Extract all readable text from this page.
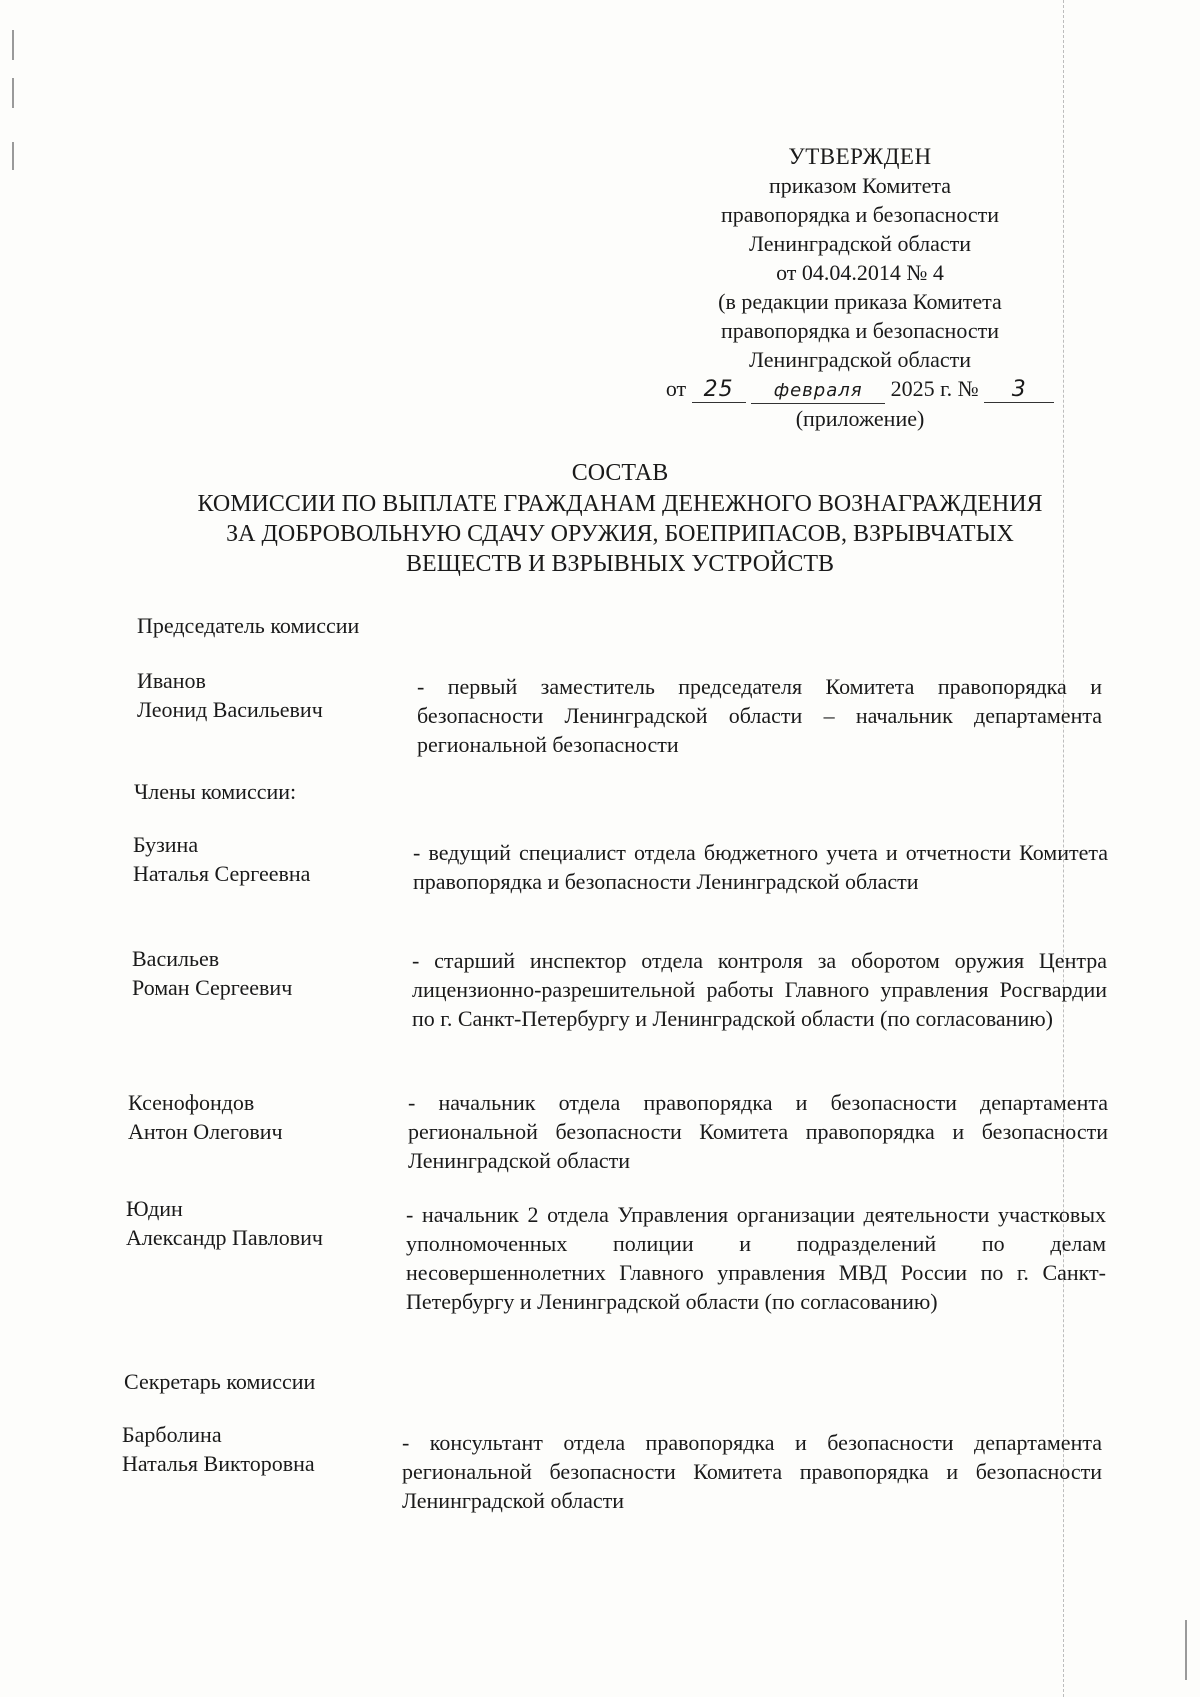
УТВЕРЖДЕН
приказом Комитета
правопорядка и безопасности
Ленинградской области
от 04.04.2014 № 4
(в редакции приказа Комитета
правопорядка и безопасности
Ленинградской области
от 25 февраля 2025 г. № 3
(приложение)
СОСТАВ
КОМИССИИ ПО ВЫПЛАТЕ ГРАЖДАНАМ ДЕНЕЖНОГО ВОЗНАГРАЖДЕНИЯ
ЗА ДОБРОВОЛЬНУЮ СДАЧУ ОРУЖИЯ, БОЕПРИПАСОВ, ВЗРЫВЧАТЫХ
ВЕЩЕСТВ И ВЗРЫВНЫХ УСТРОЙСТВ
Председатель комиссии
Иванов
Леонид Васильевич
- первый заместитель председателя Комитета правопорядка и безопасности Ленинградской области – начальник департамента региональной безопасности
Члены комиссии:
Бузина
Наталья Сергеевна
- ведущий специалист отдела бюджетного учета и отчетности Комитета правопорядка и безопасности Ленинградской области
Васильев
Роман Сергеевич
- старший инспектор отдела контроля за оборотом оружия Центра лицензионно-разрешительной работы Главного управления Росгвардии по г. Санкт-Петербургу и Ленинградской области (по согласованию)
Ксенофондов
Антон Олегович
- начальник отдела правопорядка и безопасности департамента региональной безопасности Комитета правопорядка и безопасности Ленинградской области
Юдин
Александр Павлович
- начальник 2 отдела Управления организации деятельности участковых уполномоченных полиции и подразделений по делам несовершеннолетних Главного управления МВД России по г. Санкт-Петербургу и Ленинградской области (по согласованию)
Секретарь комиссии
Барболина
Наталья Викторовна
- консультант отдела правопорядка и безопасности департамента региональной безопасности Комитета правопорядка и безопасности Ленинградской области
